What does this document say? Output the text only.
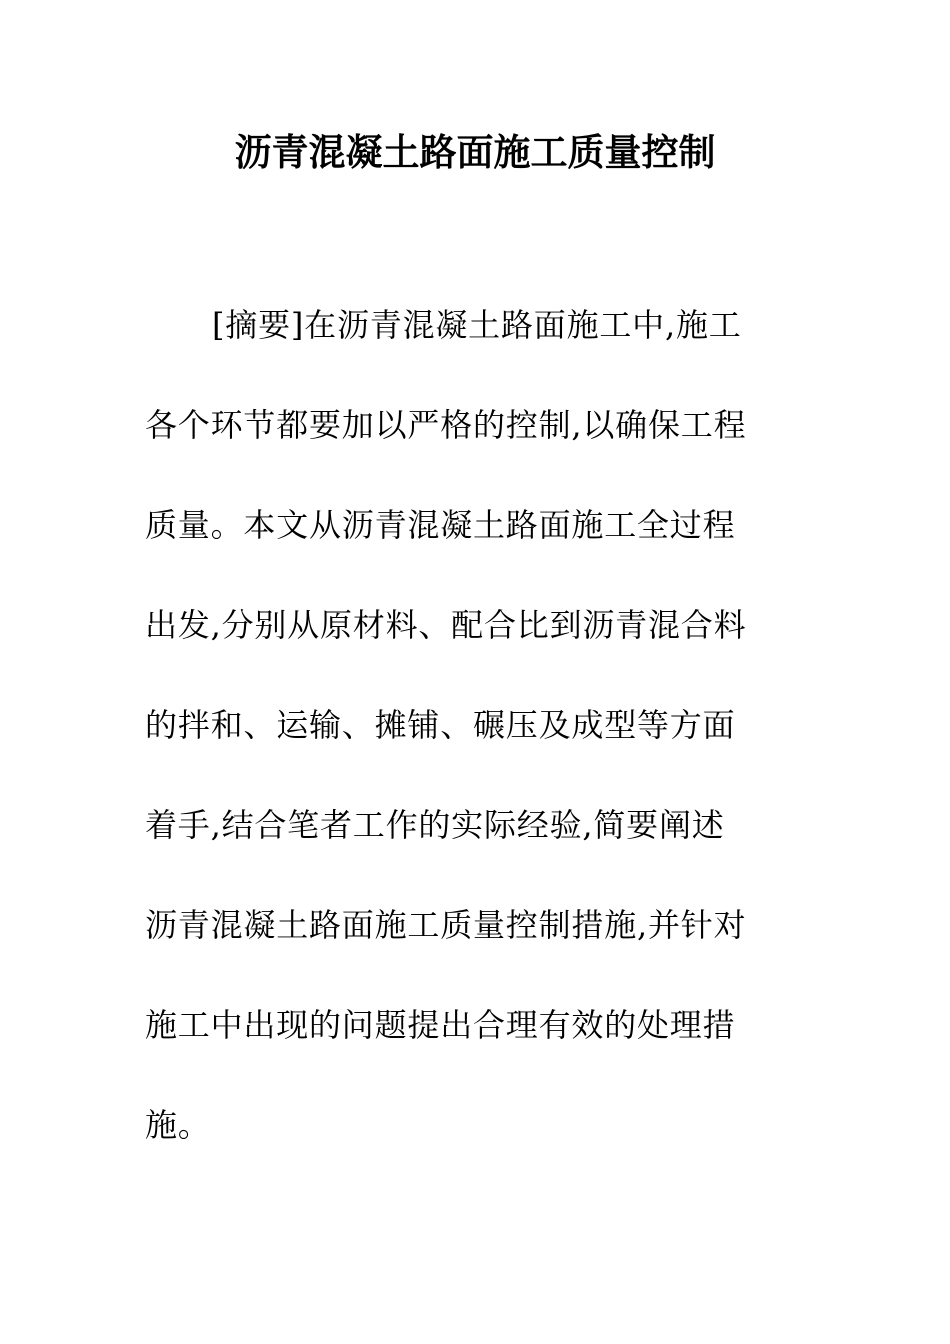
沥青混凝土路面施工质量控制
[摘要]在沥青混凝土路面施工中,施工
各个环节都要加以严格的控制,以确保工程
质量。本文从沥青混凝土路面施工全过程
出发,分别从原材料、配合比到沥青混合料
的拌和、运输、摊铺、碾压及成型等方面
着手,结合笔者工作的实际经验,简要阐述
沥青混凝土路面施工质量控制措施,并针对
施工中出现的问题提出合理有效的处理措
施。
